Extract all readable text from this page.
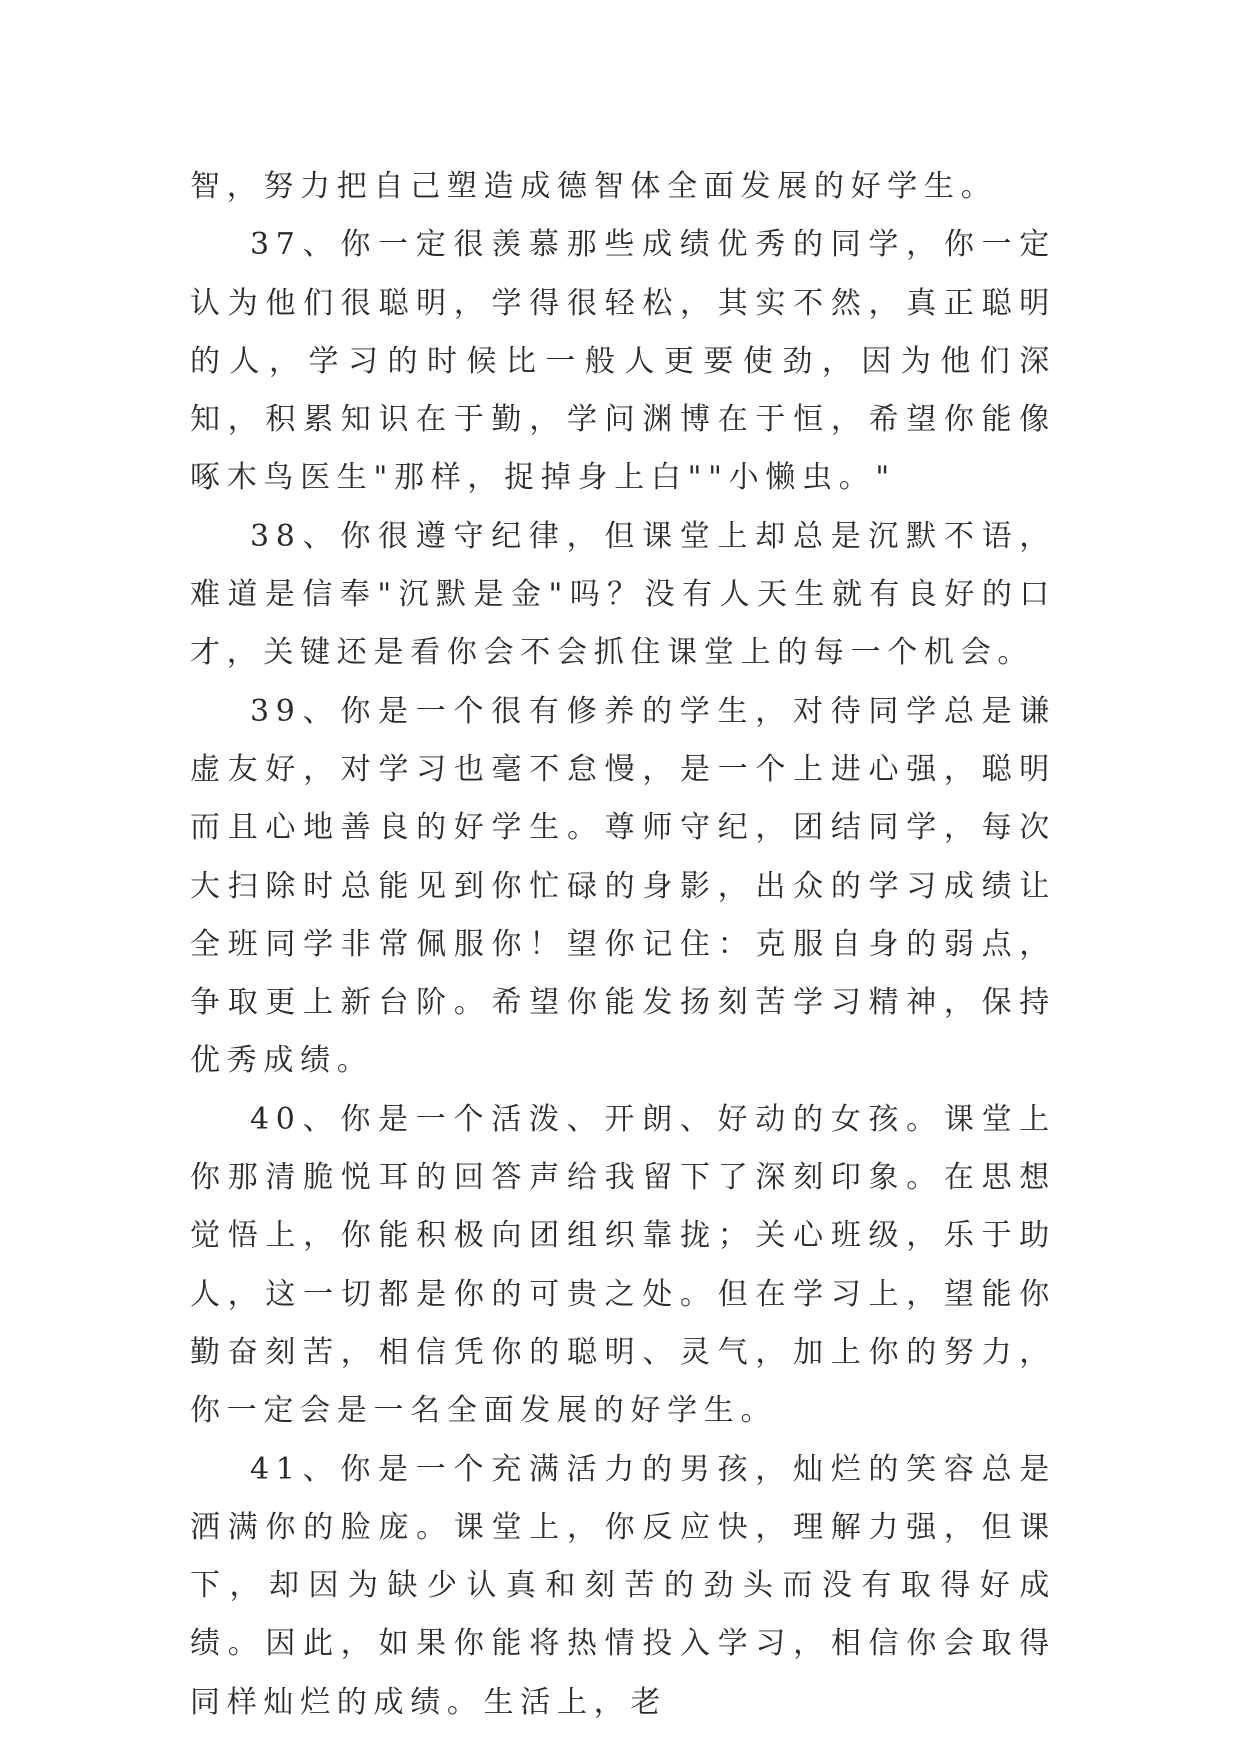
智，努力把自己塑造成德智体全面发展的好学生。

37、你一定很羡慕那些成绩优秀的同学，你一定认为他们很聪明，学得很轻松，其实不然，真正聪明的人，学习的时候比一般人更要使劲，因为他们深知，积累知识在于勤，学问渊博在于恒，希望你能像啄木鸟医生"那样，捉掉身上白""小懒虫。"

38、你很遵守纪律，但课堂上却总是沉默不语，难道是信奉"沉默是金"吗？没有人天生就有良好的口才，关键还是看你会不会抓住课堂上的每一个机会。

39、你是一个很有修养的学生，对待同学总是谦虚友好，对学习也毫不怠慢，是一个上进心强，聪明而且心地善良的好学生。尊师守纪，团结同学，每次大扫除时总能见到你忙碌的身影，出众的学习成绩让全班同学非常佩服你！望你记住：克服自身的弱点，争取更上新台阶。希望你能发扬刻苦学习精神，保持优秀成绩。

40、你是一个活泼、开朗、好动的女孩。课堂上你那清脆悦耳的回答声给我留下了深刻印象。在思想觉悟上，你能积极向团组织靠拢；关心班级，乐于助人，这一切都是你的可贵之处。但在学习上，望能你勤奋刻苦，相信凭你的聪明、灵气，加上你的努力，你一定会是一名全面发展的好学生。

41、你是一个充满活力的男孩，灿烂的笑容总是洒满你的脸庞。课堂上，你反应快，理解力强，但课下，却因为缺少认真和刻苦的劲头而没有取得好成绩。因此，如果你能将热情投入学习，相信你会取得同样灿烂的成绩。生活上，老
